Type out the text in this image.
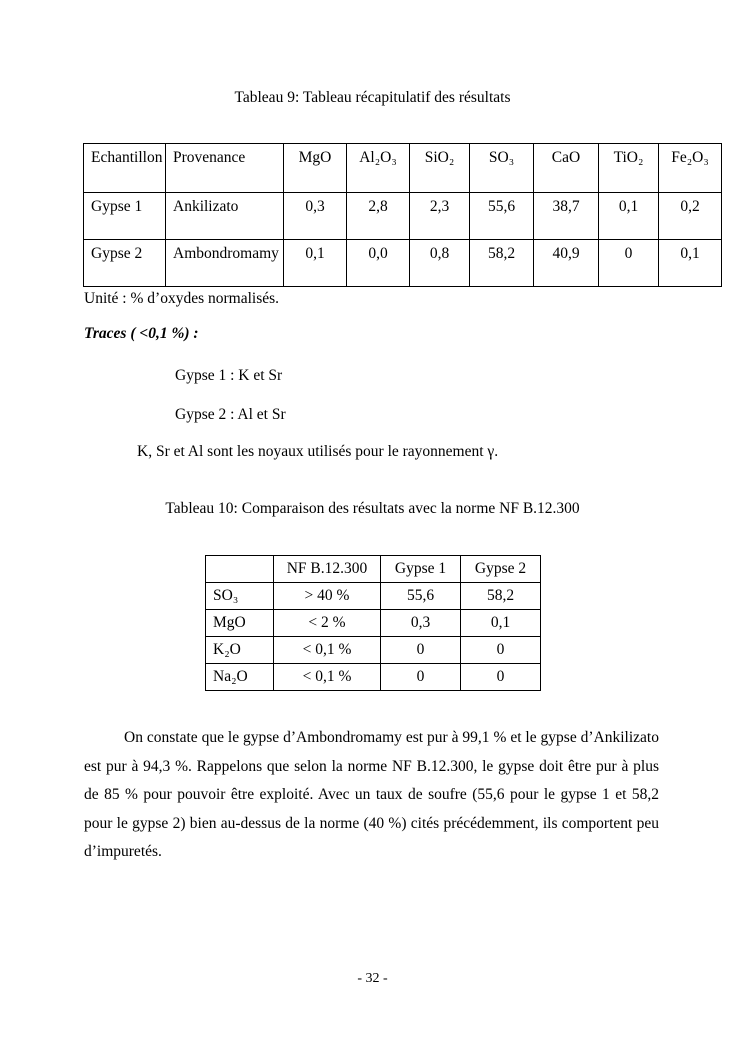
Tableau 9: Tableau récapitulatif des résultats
Echantillon	Provenance	MgO	Al₂O₃	SiO₂	SO₃	CaO	TiO₂	Fe₂O₃
Gypse 1	Ankilizato	0,3	2,8	2,3	55,6	38,7	0,1	0,2
Gypse 2	Ambondromamy	0,1	0,0	0,8	58,2	40,9	0	0,1
Unité : % d’oxydes normalisés.
Traces ( <0,1 %) :
Gypse 1 : K et Sr
Gypse 2 : Al et Sr
K, Sr et Al sont les noyaux utilisés pour le rayonnement γ.
Tableau 10: Comparaison des résultats avec la norme NF B.12.300
	NF B.12.300	Gypse 1	Gypse 2
SO₃	> 40 %	55,6	58,2
MgO	< 2 %	0,3	0,1
K₂O	< 0,1 %	0	0
Na₂O	< 0,1 %	0	0
On constate que le gypse d’Ambondromamy est pur à 99,1 % et le gypse d’Ankilizato est pur à 94,3 %. Rappelons que selon la norme NF B.12.300, le gypse doit être pur à plus de 85 % pour pouvoir être exploité. Avec un taux de soufre (55,6 pour le gypse 1 et 58,2 pour le gypse 2) bien au-dessus de la norme (40 %) cités précédemment, ils comportent peu d’impuretés.
- 32 -
